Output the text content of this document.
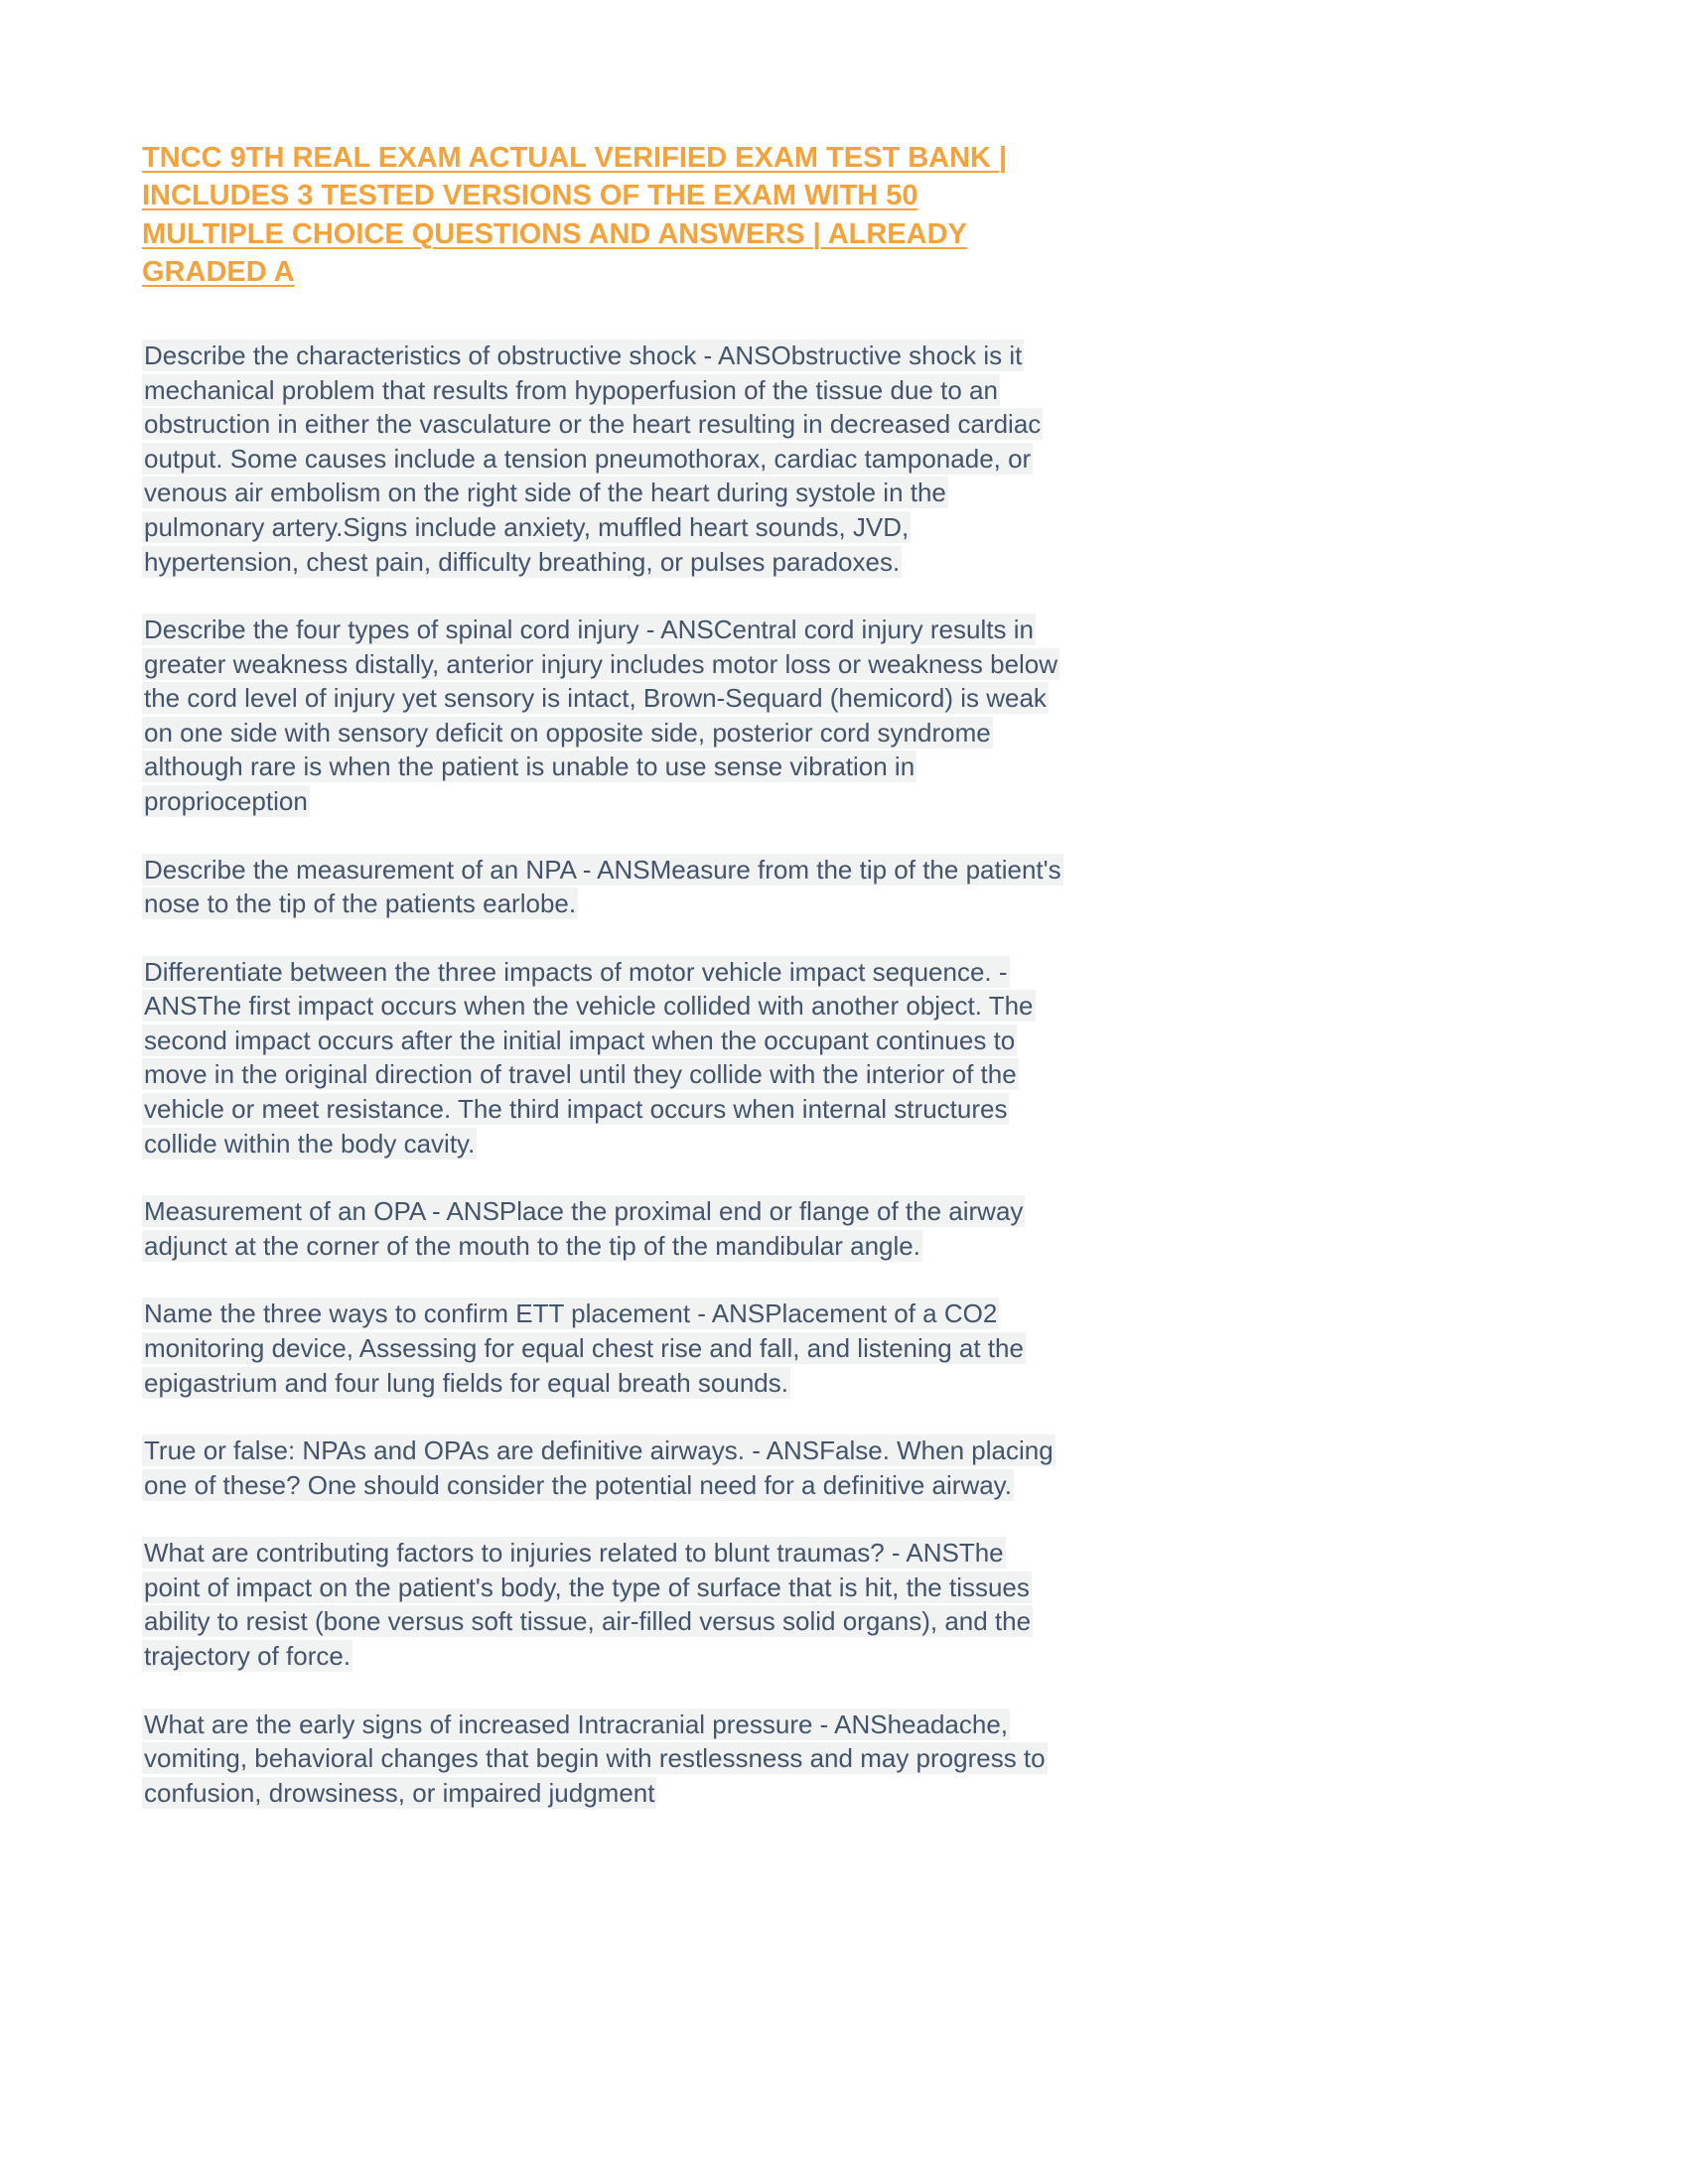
TNCC 9TH REAL EXAM ACTUAL VERIFIED EXAM TEST BANK | INCLUDES 3 TESTED VERSIONS OF THE EXAM WITH 50 MULTIPLE CHOICE QUESTIONS AND ANSWERS | ALREADY GRADED A

Describe the characteristics of obstructive shock - ANSObstructive shock is it mechanical problem that results from hypoperfusion of the tissue due to an obstruction in either the vasculature or the heart resulting in decreased cardiac output. Some causes include a tension pneumothorax, cardiac tamponade, or venous air embolism on the right side of the heart during systole in the pulmonary artery.Signs include anxiety, muffled heart sounds, JVD, hypertension, chest pain, difficulty breathing, or pulses paradoxes.

Describe the four types of spinal cord injury - ANSCentral cord injury results in greater weakness distally, anterior injury includes motor loss or weakness below the cord level of injury yet sensory is intact, Brown-Sequard (hemicord) is weak on one side with sensory deficit on opposite side, posterior cord syndrome although rare is when the patient is unable to use sense vibration in proprioception

Describe the measurement of an NPA - ANSMeasure from the tip of the patient's nose to the tip of the patients earlobe.

Differentiate between the three impacts of motor vehicle impact sequence. - ANSThe first impact occurs when the vehicle collided with another object. The second impact occurs after the initial impact when the occupant continues to move in the original direction of travel until they collide with the interior of the vehicle or meet resistance. The third impact occurs when internal structures collide within the body cavity.

Measurement of an OPA - ANSPlace the proximal end or flange of the airway adjunct at the corner of the mouth to the tip of the mandibular angle.

Name the three ways to confirm ETT placement - ANSPlacement of a CO2 monitoring device, Assessing for equal chest rise and fall, and listening at the epigastrium and four lung fields for equal breath sounds.

True or false: NPAs and OPAs are definitive airways. - ANSFalse. When placing one of these? One should consider the potential need for a definitive airway.

What are contributing factors to injuries related to blunt traumas? - ANSThe point of impact on the patient's body, the type of surface that is hit, the tissues ability to resist (bone versus soft tissue, air-filled versus solid organs), and the trajectory of force.

What are the early signs of increased Intracranial pressure - ANSheadache, vomiting, behavioral changes that begin with restlessness and may progress to confusion, drowsiness, or impaired judgment
